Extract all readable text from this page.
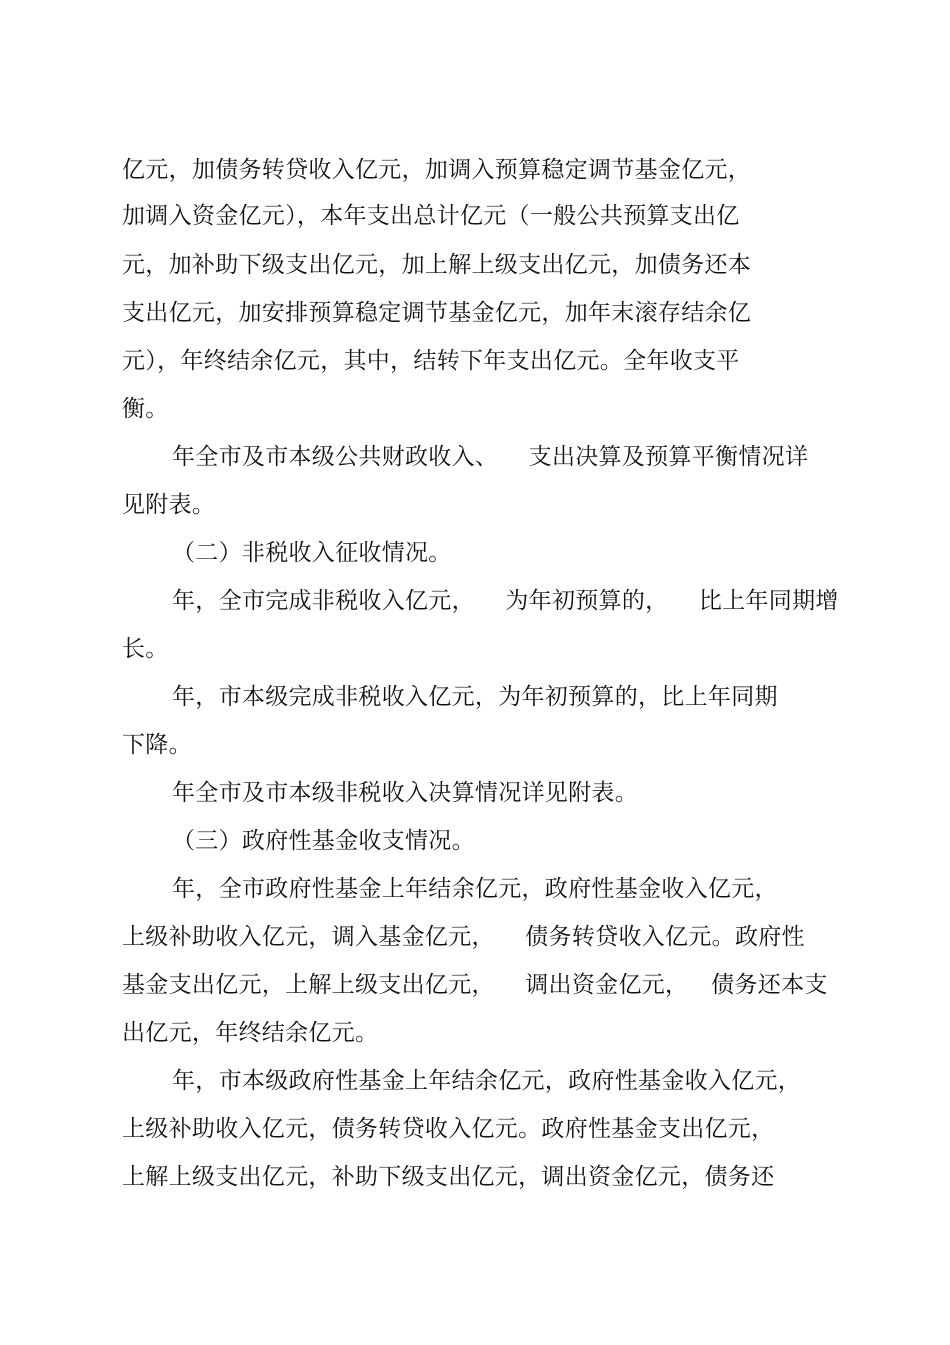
亿元，加债务转贷收入亿元，加调入预算稳定调节基金亿元，
加调入资金亿元），本年支出总计亿元（一般公共预算支出亿
元，加补助下级支出亿元，加上解上级支出亿元，加债务还本
支出亿元，加安排预算稳定调节基金亿元，加年末滚存结余亿
元），年终结余亿元，其中，结转下年支出亿元。全年收支平
衡。
年全市及市本级公共财政收入、    支出决算及预算平衡情况详
见附表。
（二）非税收入征收情况。
年，全市完成非税收入亿元，    为年初预算的，    比上年同期增
长。
年，市本级完成非税收入亿元，为年初预算的，比上年同期
下降。
年全市及市本级非税收入决算情况详见附表。
（三）政府性基金收支情况。
年，全市政府性基金上年结余亿元，政府性基金收入亿元，
上级补助收入亿元，调入基金亿元，    债务转贷收入亿元。政府性
基金支出亿元，上解上级支出亿元，    调出资金亿元，   债务还本支
出亿元，年终结余亿元。
年，市本级政府性基金上年结余亿元，政府性基金收入亿元，
上级补助收入亿元，债务转贷收入亿元。政府性基金支出亿元，
上解上级支出亿元，补助下级支出亿元，调出资金亿元，债务还
